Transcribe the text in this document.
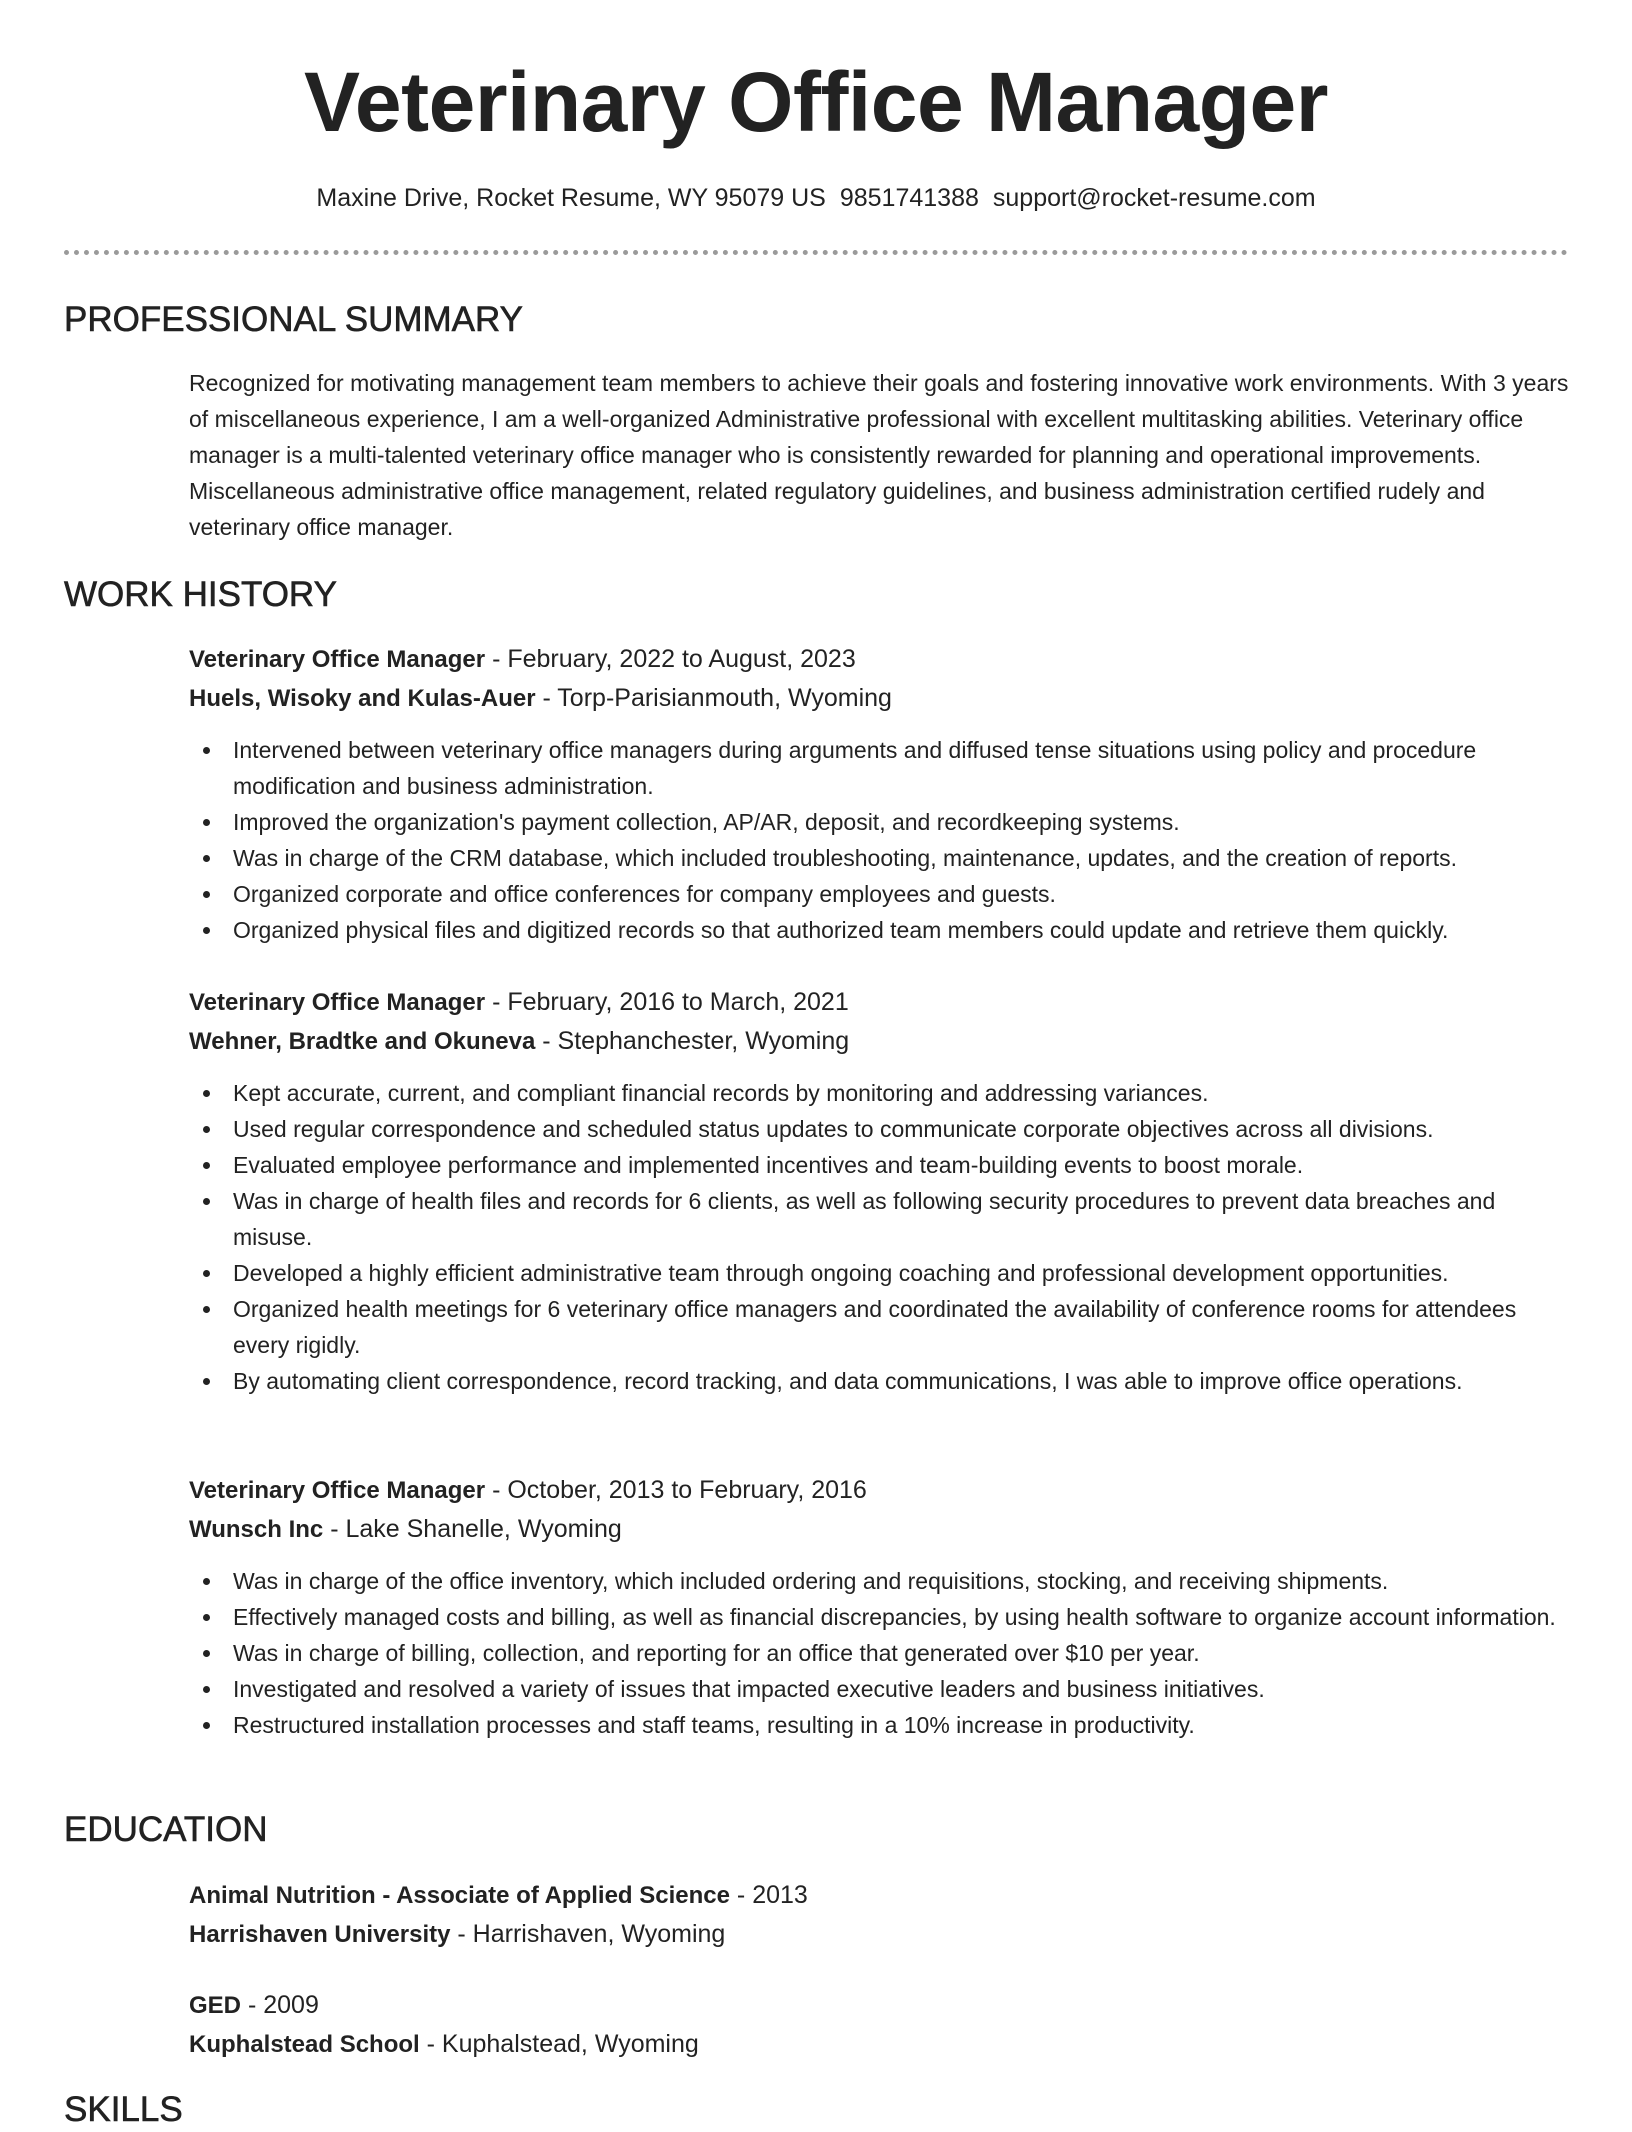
Veterinary Office Manager
Maxine Drive, Rocket Resume, WY 95079 US 9851741388 support@rocket-resume.com
PROFESSIONAL SUMMARY

Recognized for motivating management team members to achieve their goals and fostering innovative work environments. With 3 years of miscellaneous experience, I am a well-organized Administrative professional with excellent multitasking abilities. Veterinary office manager is a multi-talented veterinary office manager who is consistently rewarded for planning and operational improvements. Miscellaneous administrative office management, related regulatory guidelines, and business administration certified rudely and veterinary office manager.

WORK HISTORY

Veterinary Office Manager - February, 2022 to August, 2023

Huels, Wisoky and Kulas-Auer - Torp-Parisianmouth, Wyoming

Intervened between veterinary office managers during arguments and diffused tense situations using policy and procedure modification and business administration.
Improved the organization's payment collection, AP/AR, deposit, and recordkeeping systems.
Was in charge of the CRM database, which included troubleshooting, maintenance, updates, and the creation of reports.
Organized corporate and office conferences for company employees and guests.
Organized physical files and digitized records so that authorized team members could update and retrieve them quickly.

Veterinary Office Manager - February, 2016 to March, 2021

Wehner, Bradtke and Okuneva - Stephanchester, Wyoming

Kept accurate, current, and compliant financial records by monitoring and addressing variances.
Used regular correspondence and scheduled status updates to communicate corporate objectives across all divisions.
Evaluated employee performance and implemented incentives and team-building events to boost morale.
Was in charge of health files and records for 6 clients, as well as following security procedures to prevent data breaches and misuse.
Developed a highly efficient administrative team through ongoing coaching and professional development opportunities.
Organized health meetings for 6 veterinary office managers and coordinated the availability of conference rooms for attendees every rigidly.
By automating client correspondence, record tracking, and data communications, I was able to improve office operations.

Veterinary Office Manager - October, 2013 to February, 2016

Wunsch Inc - Lake Shanelle, Wyoming

Was in charge of the office inventory, which included ordering and requisitions, stocking, and receiving shipments.
Effectively managed costs and billing, as well as financial discrepancies, by using health software to organize account information.
Was in charge of billing, collection, and reporting for an office that generated over $10 per year.
Investigated and resolved a variety of issues that impacted executive leaders and business initiatives.
Restructured installation processes and staff teams, resulting in a 10% increase in productivity.
EDUCATION

Animal Nutrition - Associate of Applied Science - 2013

Harrishaven University - Harrishaven, Wyoming

GED - 2009

Kuphalstead School - Kuphalstead, Wyoming

SKILLS
